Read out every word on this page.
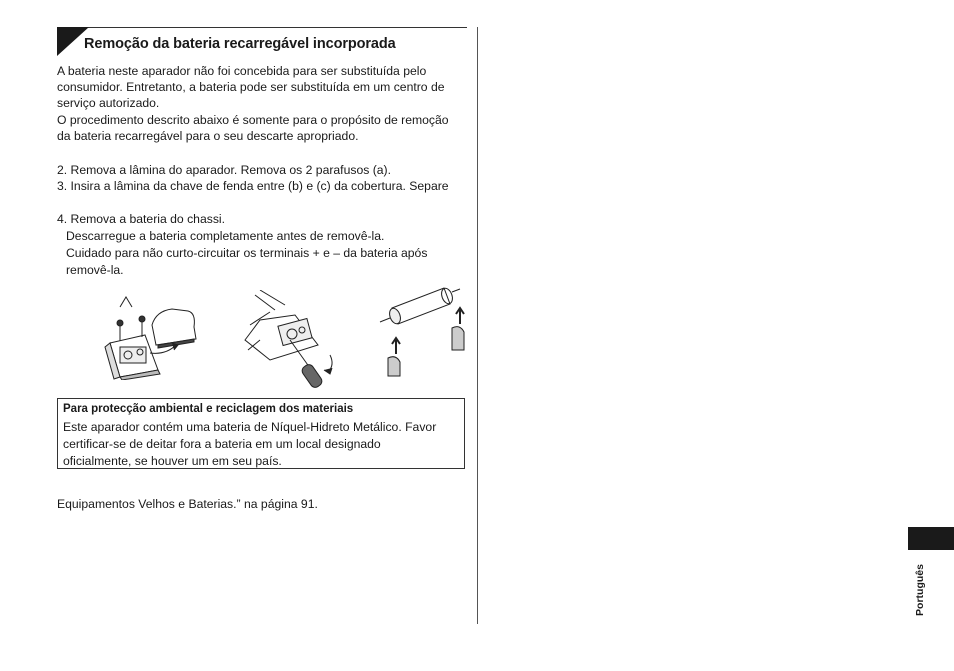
Remoção da bateria recarregável incorporada
A bateria neste aparador não foi concebida para ser substituída pelo
consumidor. Entretanto, a bateria pode ser substituída em um centro de
serviço autorizado.
O procedimento descrito abaixo é somente para o propósito de remoção
da bateria recarregável para o seu descarte apropriado.
2. Remova a lâmina do aparador. Remova os 2 parafusos (a).
3. Insira a lâmina da chave de fenda entre (b) e (c) da cobertura. Separe
4. Remova a bateria do chassi.
Descarregue a bateria completamente antes de removê-la.
Cuidado para não curto-circuitar os terminais + e – da bateria após
removê-la.
Para protecção ambiental e reciclagem dos materiais
Este aparador contém uma bateria de Níquel-Hidreto Metálico. Favor
certificar-se de deitar fora a bateria em um local designado
oficialmente, se houver um em seu país.
Equipamentos Velhos e Baterias.” na página 91.
Português
